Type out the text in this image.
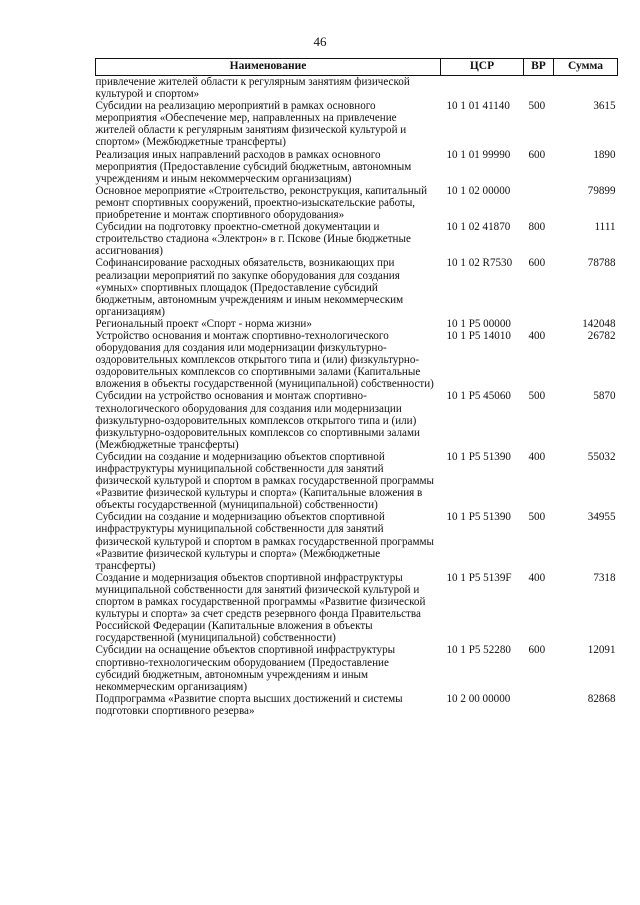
46
Наименование	ЦСР	ВР	Сумма
привлечение жителей области к регулярным занятиям физической культурой и спортом»			
Субсидии на реализацию мероприятий в рамках основного мероприятия «Обеспечение мер, направленных на привлечение жителей области к регулярным занятиям физической культурой и спортом» (Межбюджетные трансферты)	10 1 01 41140	500	3615
Реализация иных направлений расходов в рамках основного мероприятия (Предоставление субсидий бюджетным, автономным учреждениям и иным некоммерческим организациям)	10 1 01 99990	600	1890
Основное мероприятие «Строительство, реконструкция, капитальный ремонт спортивных сооружений, проектно-изыскательские работы, приобретение и монтаж спортивного оборудования»	10 1 02 00000		79899
Субсидии на подготовку проектно-сметной документации и строительство стадиона «Электрон» в г. Пскове (Иные бюджетные ассигнования)	10 1 02 41870	800	1111
Софинансирование расходных обязательств, возникающих при реализации мероприятий по закупке оборудования для создания «умных» спортивных площадок (Предоставление субсидий бюджетным, автономным учреждениям и иным некоммерческим организациям)	10 1 02 R7530	600	78788
Региональный проект «Спорт - норма жизни»	10 1 P5 00000		142048
Устройство основания и монтаж спортивно-технологического оборудования для создания или модернизации физкультурно-оздоровительных комплексов открытого типа и (или) физкультурно-оздоровительных комплексов со спортивными залами (Капитальные вложения в объекты государственной (муниципальной) собственности)	10 1 P5 14010	400	26782
Субсидии на устройство основания и монтаж спортивно-технологического оборудования для создания или модернизации физкультурно-оздоровительных комплексов открытого типа и (или) физкультурно-оздоровительных комплексов со спортивными залами (Межбюджетные трансферты)	10 1 P5 45060	500	5870
Субсидии на создание и модернизацию объектов спортивной инфраструктуры муниципальной собственности для занятий физической культурой и спортом в рамках государственной программы «Развитие физической культуры и спорта» (Капитальные вложения в объекты государственной (муниципальной) собственности)	10 1 P5 51390	400	55032
Субсидии на создание и модернизацию объектов спортивной инфраструктуры муниципальной собственности для занятий физической культурой и спортом в рамках государственной программы «Развитие физической культуры и спорта» (Межбюджетные трансферты)	10 1 P5 51390	500	34955
Создание и модернизация объектов спортивной инфраструктуры муниципальной собственности для занятий физической культурой и спортом в рамках государственной программы «Развитие физической культуры и спорта» за счет средств резервного фонда Правительства Российской Федерации (Капитальные вложения в объекты государственной (муниципальной) собственности)	10 1 P5 5139F	400	7318
Субсидии на оснащение объектов спортивной инфраструктуры спортивно-технологическим оборудованием (Предоставление субсидий бюджетным, автономным учреждениям и иным некоммерческим организациям)	10 1 P5 52280	600	12091
Подпрограмма «Развитие спорта высших достижений и системы подготовки спортивного резерва»	10 2 00 00000		82868
